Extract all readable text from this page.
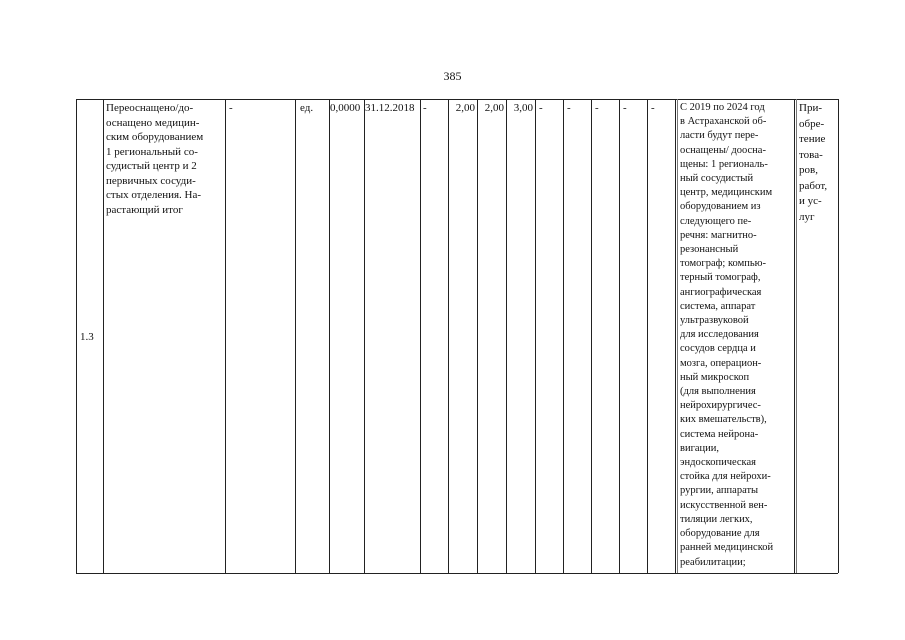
385
1.3
Переоснащено/до-
оснащено медицин-
ским оборудованием
1 региональный со-
судистый центр и 2
первичных сосуди-
стых отделения. На-
растающий итог
-	ед. 0,0000 31.12.2018 -	2,00 2,00 3,00 - - - - - С 2019 по 2024 год
в Астраханской об-
ласти будут пере-
оснащены/ дооснa-
щены: 1 региональ-
ный сосудистый
центр, медицинским
оборудованием из
следующего пе-
речня: магнитно-
резонансный
томограф; компью-
терный томограф,
ангиографическая
система, аппарат
ультразвуковой
для исследования
сосудов сердца и
мозга, операцион-
ный микроскоп
(для выполнения
нейрохирургичес-
ких вмешательств),
система нейрона-
вигации,
эндоскопическая
стойка для нейрохи-
рургии, аппараты
искусственной вен-
тиляции легких,
оборудование для
ранней медицинской
реабилитации;
При-
обре-
тение
това-
ров,
работ,
и ус-
луг
